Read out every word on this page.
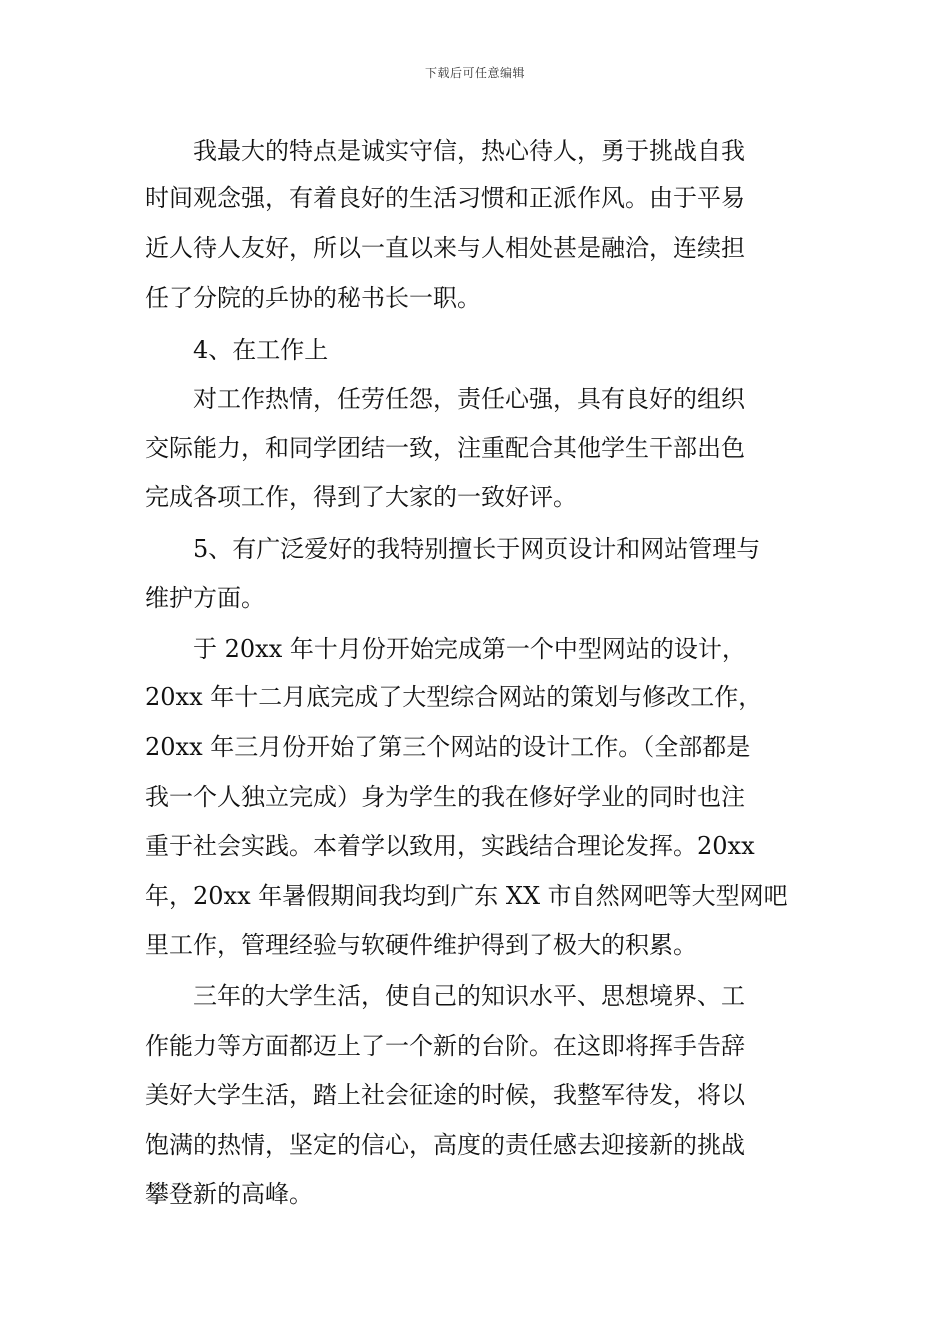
下载后可任意编辑
　　我最大的特点是诚实守信，热心待人，勇于挑战自我
时间观念强，有着良好的生活习惯和正派作风。由于平易
近人待人友好，所以一直以来与人相处甚是融洽，连续担
任了分院的乒协的秘书长一职。
　　4、在工作上
　　对工作热情，任劳任怨，责任心强，具有良好的组织
交际能力，和同学团结一致，注重配合其他学生干部出色
完成各项工作，得到了大家的一致好评。
　　5、有广泛爱好的我特别擅长于网页设计和网站管理与
维护方面。
　　于 20xx 年十月份开始完成第一个中型网站的设计，
20xx 年十二月底完成了大型综合网站的策划与修改工作，
20xx 年三月份开始了第三个网站的设计工作。（全部都是
我一个人独立完成）身为学生的我在修好学业的同时也注
重于社会实践。本着学以致用，实践结合理论发挥。20xx
年，20xx 年暑假期间我均到广东 XX 市自然网吧等大型网吧
里工作，管理经验与软硬件维护得到了极大的积累。
　　三年的大学生活，使自己的知识水平、思想境界、工
作能力等方面都迈上了一个新的台阶。在这即将挥手告辞
美好大学生活，踏上社会征途的时候，我整军待发，将以
饱满的热情，坚定的信心，高度的责任感去迎接新的挑战
攀登新的高峰。
